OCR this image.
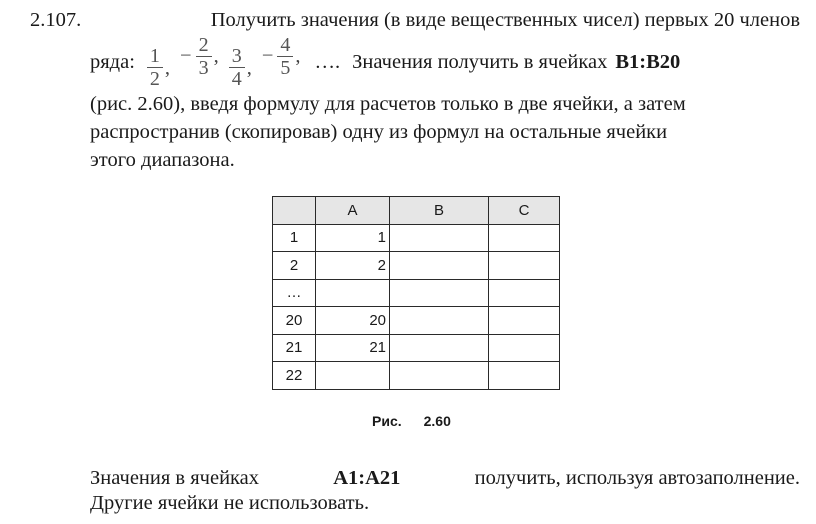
2.107.	Получить значения (в виде вещественных чисел) первых 20 членов
ряда: $\frac{1}{2}$ ,
− $\frac{2}{3}$ , $\frac{3}{4}$ ,
− $\frac{4}{5}$ , …. Значения получить в ячейках B1:B20
(рис. 2.60), введя формулу для расчетов только в две ячейки, а затем
распространив (скопировав) одну из формул на остальные ячейки
этого диапазона.
	A	B	C
1	1		
2	2		
…			
20	20		
21	21		
22			
Рис. 2.60
Значения в ячейках	A1:A21	получить, используя автозаполнение.
Другие ячейки не использовать.
